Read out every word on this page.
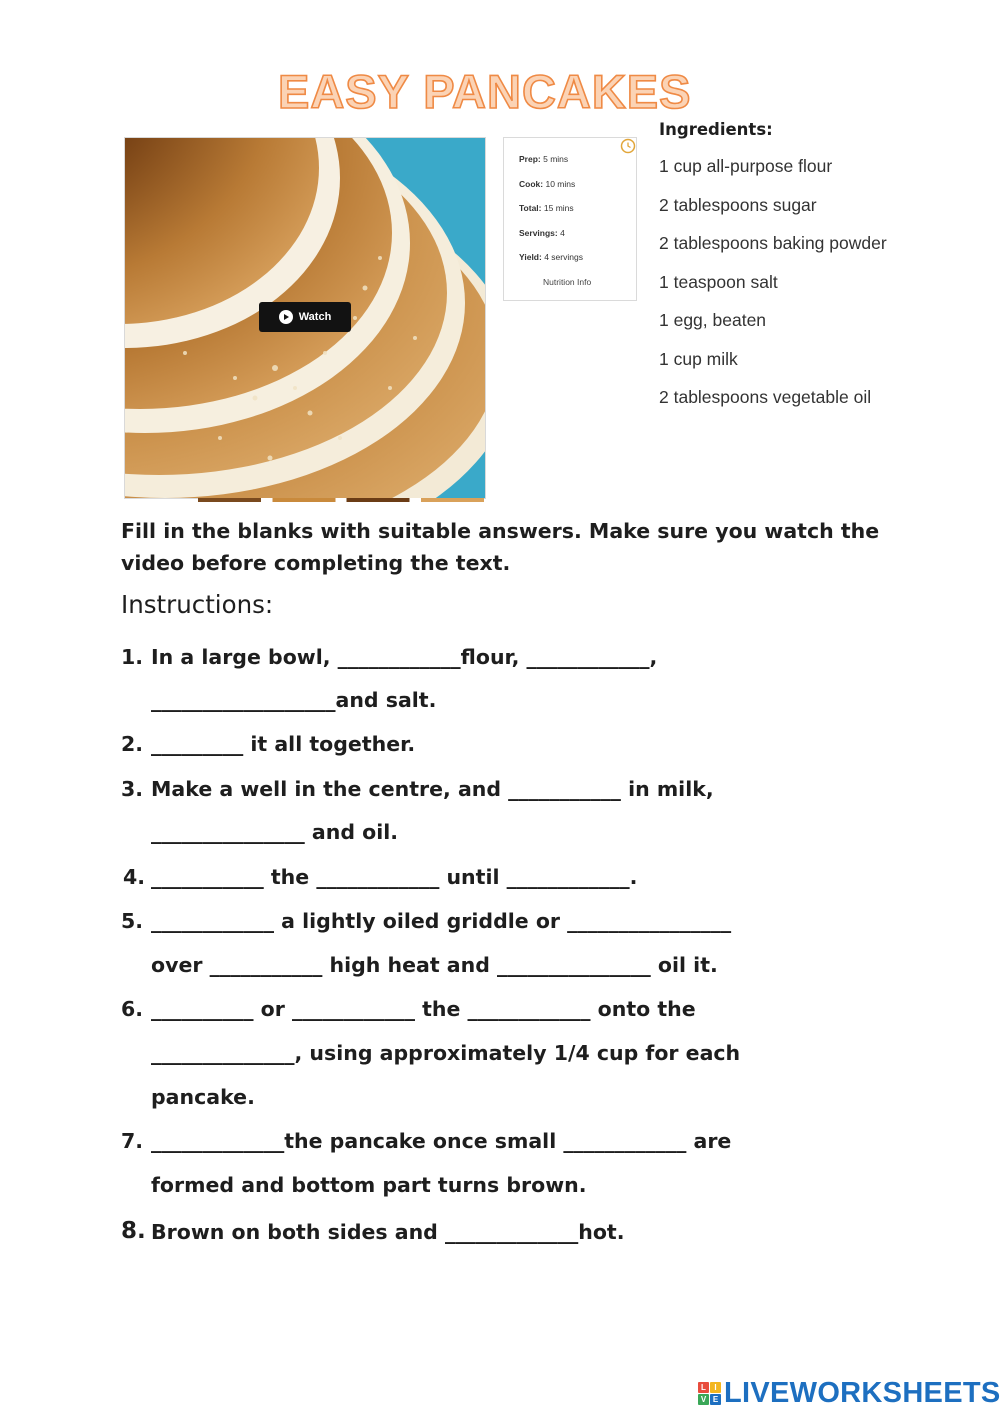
EASY PANCAKES
Watch
Prep: 5 mins
Cook: 10 mins
Total: 15 mins
Servings: 4
Yield: 4 servings
Nutrition Info
Ingredients:
1 cup all-purpose flour
2 tablespoons sugar
2 tablespoons baking powder
1 teaspoon salt
1 egg, beaten
1 cup milk
2 tablespoons vegetable oil

Fill in the blanks with suitable answers. Make sure you watch the video before completing the text.

Instructions:
1. In a large bowl, ____________flour, ____________,
__________________and salt.
2. _________ it all together.
3. Make a well in the centre, and ___________ in milk,
_______________ and oil.
4. ___________ the ____________ until ____________.
5. ____________ a lightly oiled griddle or ________________
over ___________ high heat and _______________ oil it.
6. __________ or ____________ the ____________ onto the
______________, using approximately 1/4 cup for each
pancake.
7. _____________the pancake once small ____________ are
formed and bottom part turns brown.
8. Brown on both sides and _____________hot.
L	I
V E LIVEWORKSHEETS
